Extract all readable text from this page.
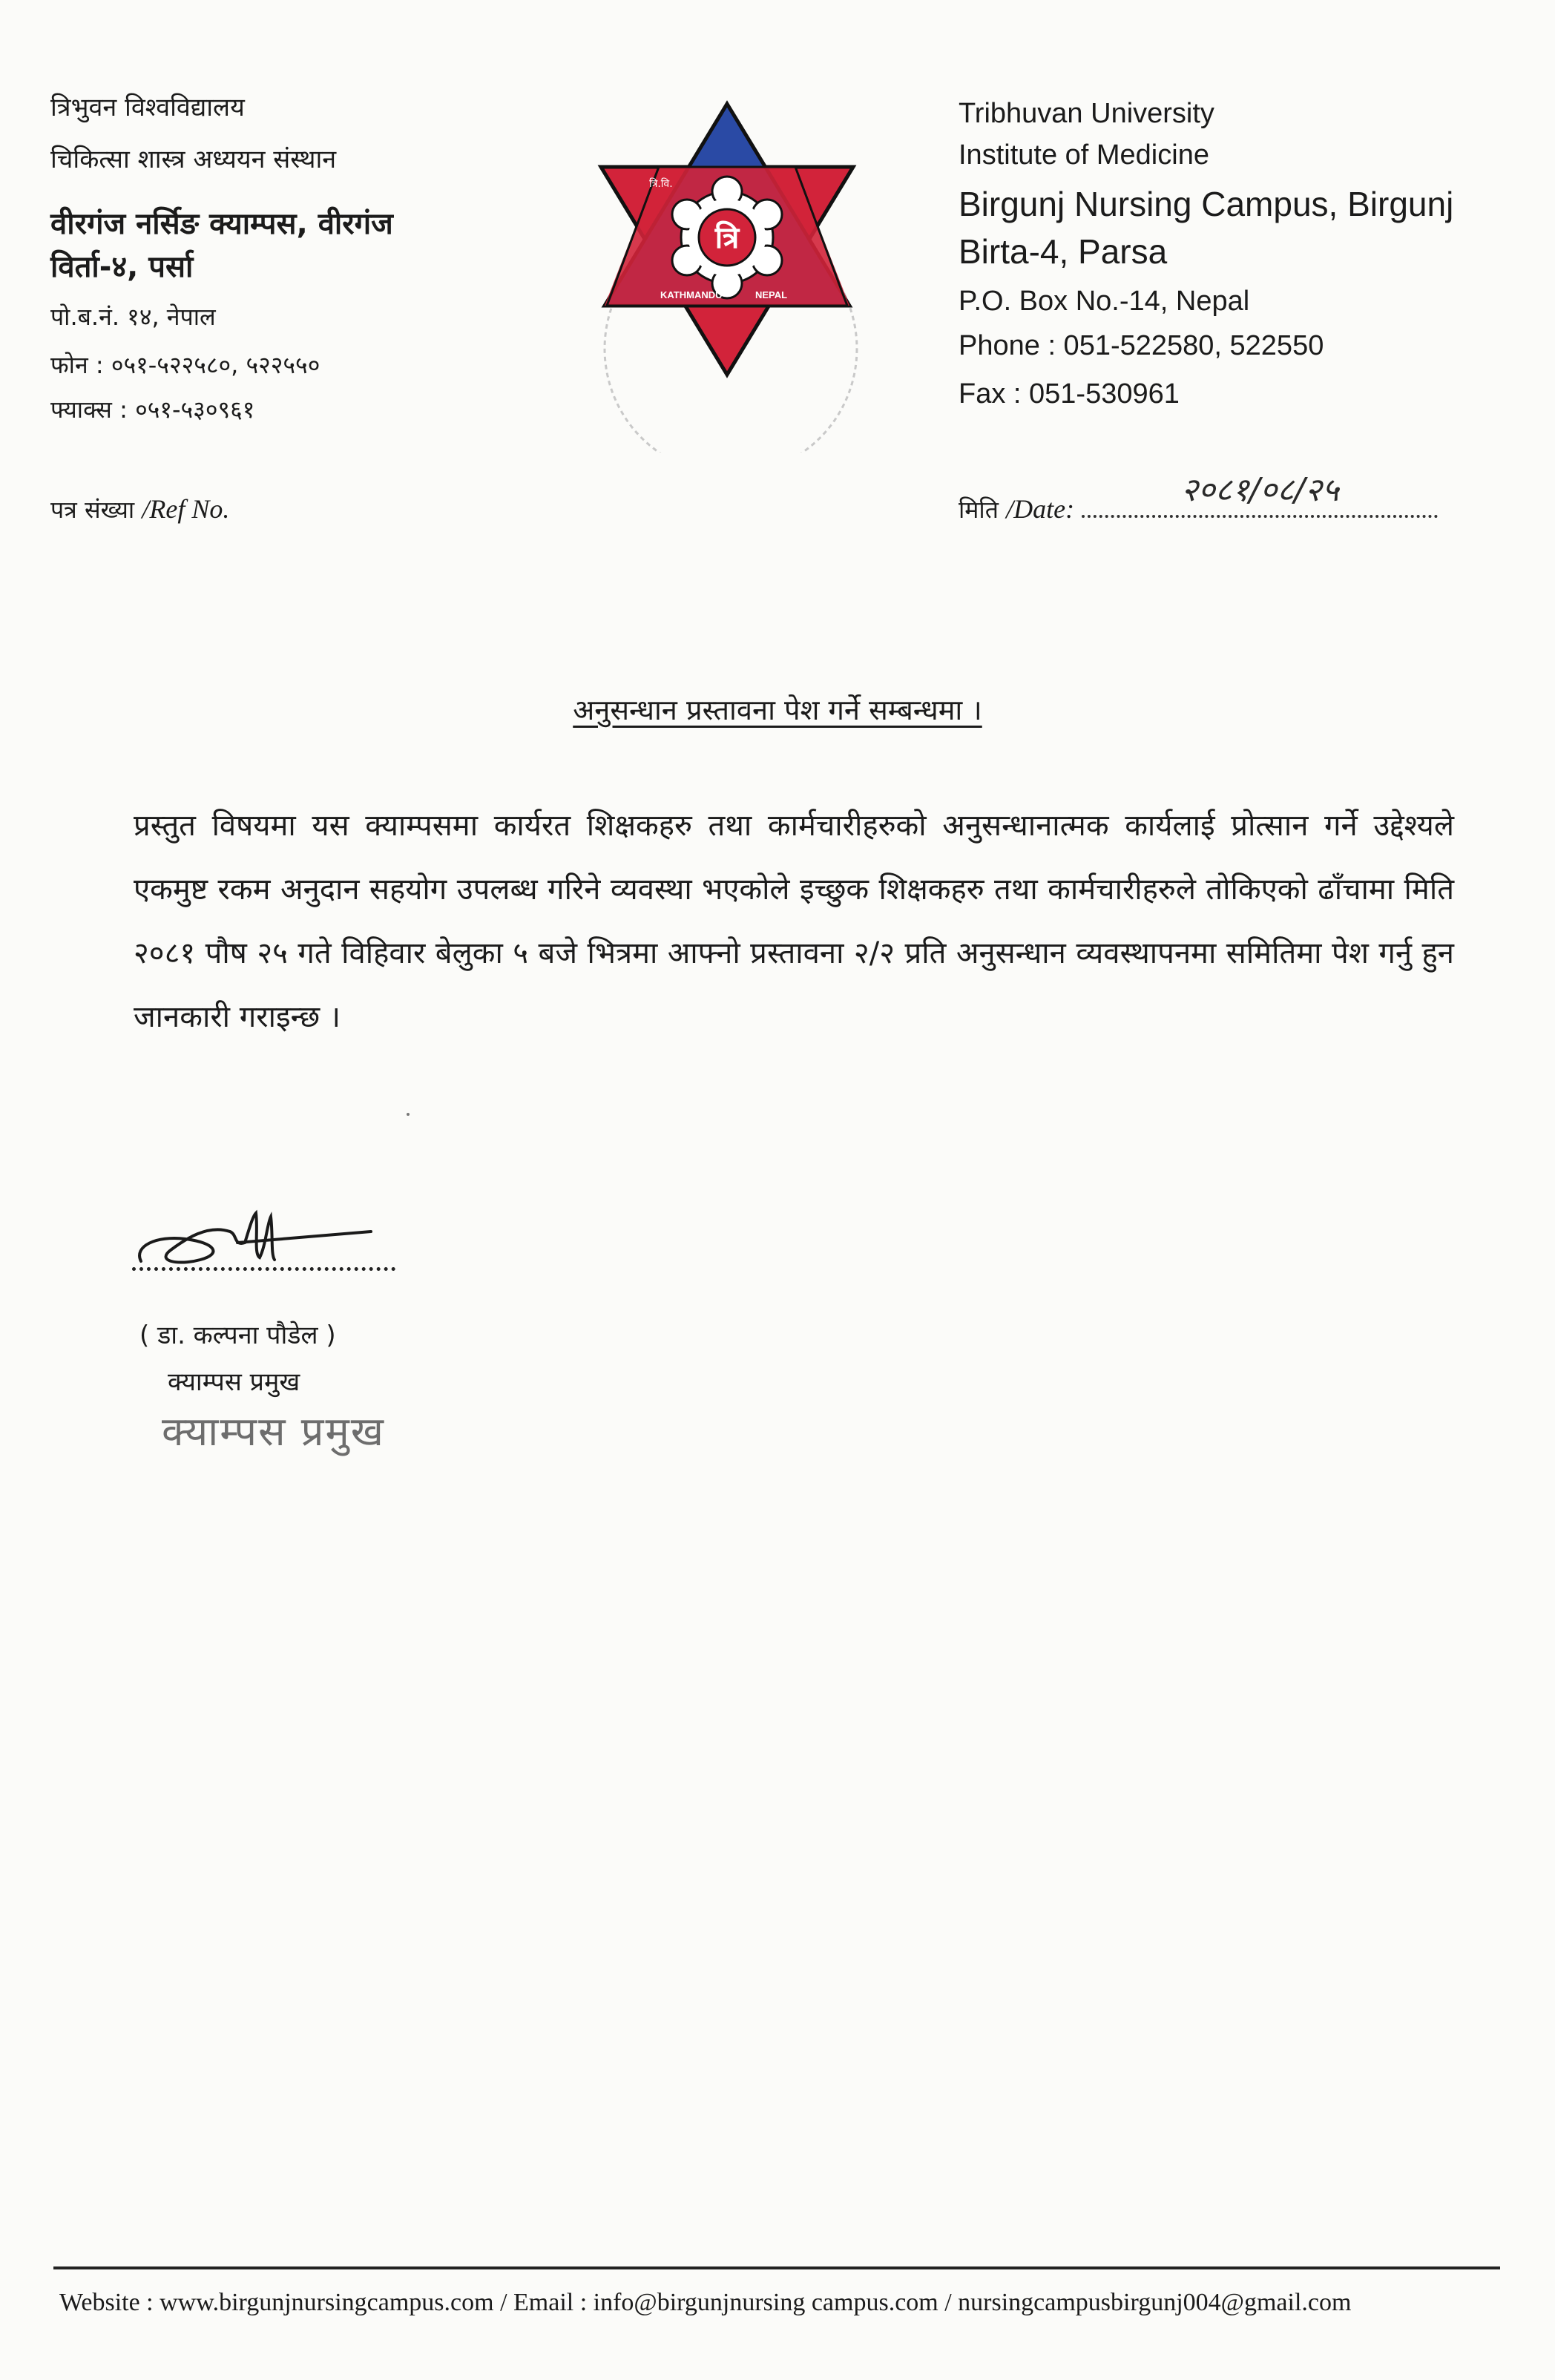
त्रिभुवन विश्वविद्यालय
चिकित्सा शास्त्र अध्ययन संस्थान
वीरगंज नर्सिङ क्याम्पस, वीरगंज
विर्ता-४, पर्सा
पो.ब.नं. १४, नेपाल
फोन : ०५१-५२२५८०, ५२२५५०
फ्याक्स : ०५१-५३०९६१
त्रि
त्रि.वि.
KATHMANDU	NEPAL
Tribhuvan University
Institute of Medicine
Birgunj Nursing Campus, Birgunj
Birta-4, Parsa
P.O. Box No.-14, Nepal
Phone : 051-522580, 522550
Fax : 051-530961
पत्र संख्या /Ref No.	२०८१/०८/२५
मिति /Date:
अनुसन्धान प्रस्तावना पेश गर्ने सम्बन्धमा ।
प्रस्तुत विषयमा यस क्याम्पसमा कार्यरत शिक्षकहरु तथा कार्मचारीहरुको अनुसन्धानात्मक कार्यलाई प्रोत्सान गर्ने उद्देश्यले एकमुष्ट रकम अनुदान सहयोग उपलब्ध गरिने व्यवस्था भएकोले इच्छुक शिक्षकहरु तथा कार्मचारीहरुले तोकिएको ढाँचामा मिति २०८१ पौष २५ गते विहिवार बेलुका ५ बजे भित्रमा आफ्नो प्रस्तावना २/२ प्रति अनुसन्धान व्यवस्थापनमा समितिमा पेश गर्नु हुन जानकारी गराइन्छ ।
( डा. कल्पना पौडेल )
क्याम्पस प्रमुख
क्याम्पस प्रमुख
Website : www.birgunjnursingcampus.com / Email : info@birgunjnursing campus.com / nursingcampusbirgunj004@gmail.com
